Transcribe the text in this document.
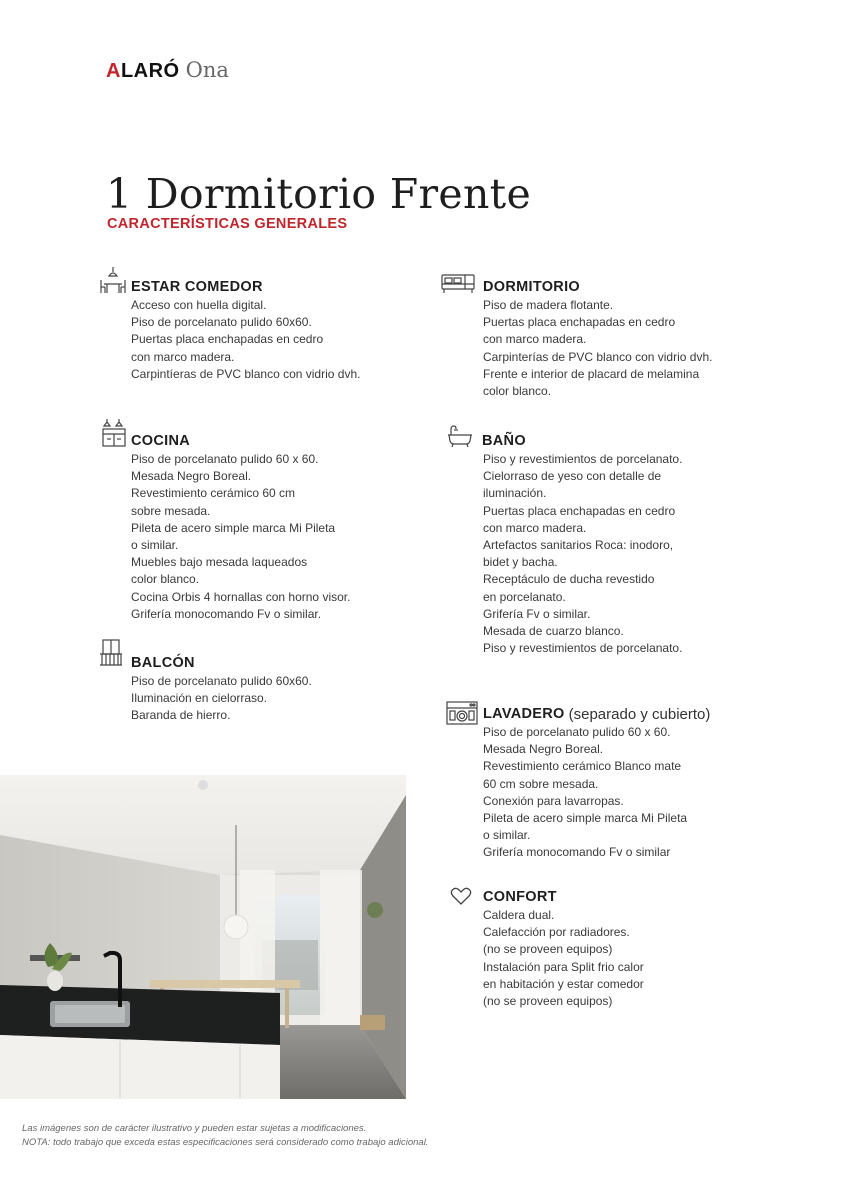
ALARÓ Ona
1 Dormitorio Frente
CARACTERÍSTICAS GENERALES
ESTAR COMEDOR
Acceso con huella digital.
Piso de porcelanato pulido 60x60.
Puertas placa enchapadas en cedro
con marco madera.
Carpintíeras de PVC blanco con vidrio dvh.
DORMITORIO
Piso de madera flotante.
Puertas placa enchapadas en cedro
con marco madera.
Carpinterías de PVC blanco con vidrio dvh.
Frente e interior de placard de melamina
color blanco.
COCINA
Piso de porcelanato pulido 60 x 60.
Mesada Negro Boreal.
Revestimiento cerámico 60 cm
sobre mesada.
Pileta de acero simple marca Mi Pileta
o similar.
Muebles bajo mesada laqueados
color blanco.
Cocina Orbis 4 hornallas con horno visor.
Grifería monocomando Fv o similar.
BAÑO
Piso y revestimientos de porcelanato.
Cielorraso de yeso con detalle de
iluminación.
Puertas placa enchapadas en cedro
con marco madera.
Artefactos sanitarios Roca: inodoro,
bidet y bacha.
Receptáculo de ducha revestido
en porcelanato.
Grifería Fv o similar.
Mesada de cuarzo blanco.
Piso y revestimientos de porcelanato.
BALCÓN
Piso de porcelanato pulido 60x60.
Iluminación en cielorraso.
Baranda de hierro.	LAVADERO (separado y cubierto)
Piso de porcelanato pulido 60 x 60.
Mesada Negro Boreal.
Revestimiento cerámico Blanco mate
60 cm sobre mesada.
Conexión para lavarropas.
Pileta de acero simple marca Mi Pileta
o similar.
Grifería monocomando Fv o similar
CONFORT
Caldera dual.
Calefacción por radiadores.
(no se proveen equipos)
Instalación para Split frio calor
en habitación y estar comedor
(no se proveen equipos)
Las imágenes son de carácter ilustrativo y pueden estar sujetas a modificaciones.
NOTA: todo trabajo que exceda estas especificaciones será considerado como trabajo adicional.
